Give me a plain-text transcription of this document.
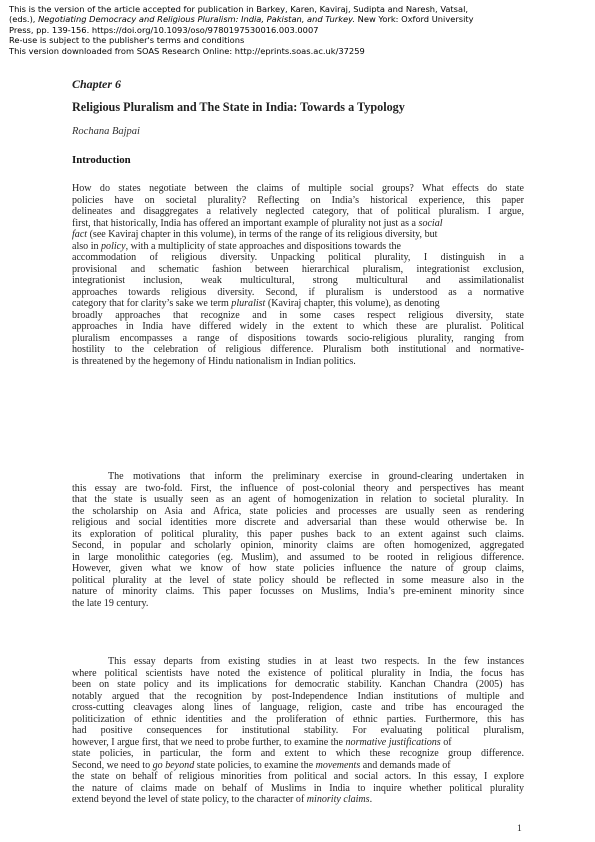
This is the version of the article accepted for publication in Barkey, Karen, Kaviraj, Sudipta and Naresh, Vatsal,
(eds.), Negotiating Democracy and Religious Pluralism: India, Pakistan, and Turkey. New York: Oxford University
Press, pp. 139-156. https://doi.org/10.1093/oso/9780197530016.003.0007
Re-use is subject to the publisher's terms and conditions
This version downloaded from SOAS Research Online: http://eprints.soas.ac.uk/37259
Chapter 6
Religious Pluralism and The State in India: Towards a Typology
Rochana Bajpai
Introduction
How do states negotiate between the claims of multiple social groups? What effects do state
policies have on societal plurality? Reflecting on India’s historical experience, this paper
delineates and disaggregates a relatively neglected category, that of political pluralism. I argue,
first, that historically, India has offered an important example of plurality not just as a social
fact (see Kaviraj chapter in this volume), in terms of the range of its religious diversity, but
also in policy, with a multiplicity of state approaches and dispositions towards the
accommodation of religious diversity. Unpacking political plurality, I distinguish in a
provisional and schematic fashion between hierarchical pluralism, integrationist exclusion,
integrationist inclusion, weak multicultural, strong multicultural and assimilationalist
approaches towards religious diversity. Second, if pluralism is understood as a normative
category that for clarity’s sake we term pluralist (Kaviraj chapter, this volume), as denoting
broadly approaches that recognize and in some cases respect religious diversity, state
approaches in India have differed widely in the extent to which these are pluralist. Political
pluralism encompasses a range of dispositions towards socio-religious plurality, ranging from
hostility to the celebration of religious difference. Pluralism both institutional and normative-
is threatened by the hegemony of Hindu nationalism in Indian politics.
The motivations that inform the preliminary exercise in ground-clearing undertaken in
this essay are two-fold. First, the influence of post-colonial theory and perspectives has meant
that the state is usually seen as an agent of homogenization in relation to societal plurality. In
the scholarship on Asia and Africa, state policies and processes are usually seen as rendering
religious and social identities more discrete and adversarial than these would otherwise be. In
its exploration of political plurality, this paper pushes back to an extent against such claims.
Second, in popular and scholarly opinion, minority claims are often homogenized, aggregated
in large monolithic categories (eg. Muslim), and assumed to be rooted in religious difference.
However, given what we know of how state policies influence the nature of group claims,
political plurality at the level of state policy should be reflected in some measure also in the
nature of minority claims. This paper focusses on Muslims, India’s pre-eminent minority since
the late 19 century.
This essay departs from existing studies in at least two respects. In the few instances
where political scientists have noted the existence of political plurality in India, the focus has
been on state policy and its implications for democratic stability. Kanchan Chandra (2005) has
notably argued that the recognition by post-Independence Indian institutions of multiple and
cross-cutting cleavages along lines of language, religion, caste and tribe has encouraged the
politicization of ethnic identities and the proliferation of ethnic parties. Furthermore, this has
had positive consequences for institutional stability. For evaluating political pluralism,
however, I argue first, that we need to probe further, to examine the normative justifications of
state policies, in particular, the form and extent to which these recognize group difference.
Second, we need to go beyond state policies, to examine the movements and demands made of
the state on behalf of religious minorities from political and social actors. In this essay, I explore
the nature of claims made on behalf of Muslims in India to inquire whether political plurality
extend beyond the level of state policy, to the character of minority claims.
1
